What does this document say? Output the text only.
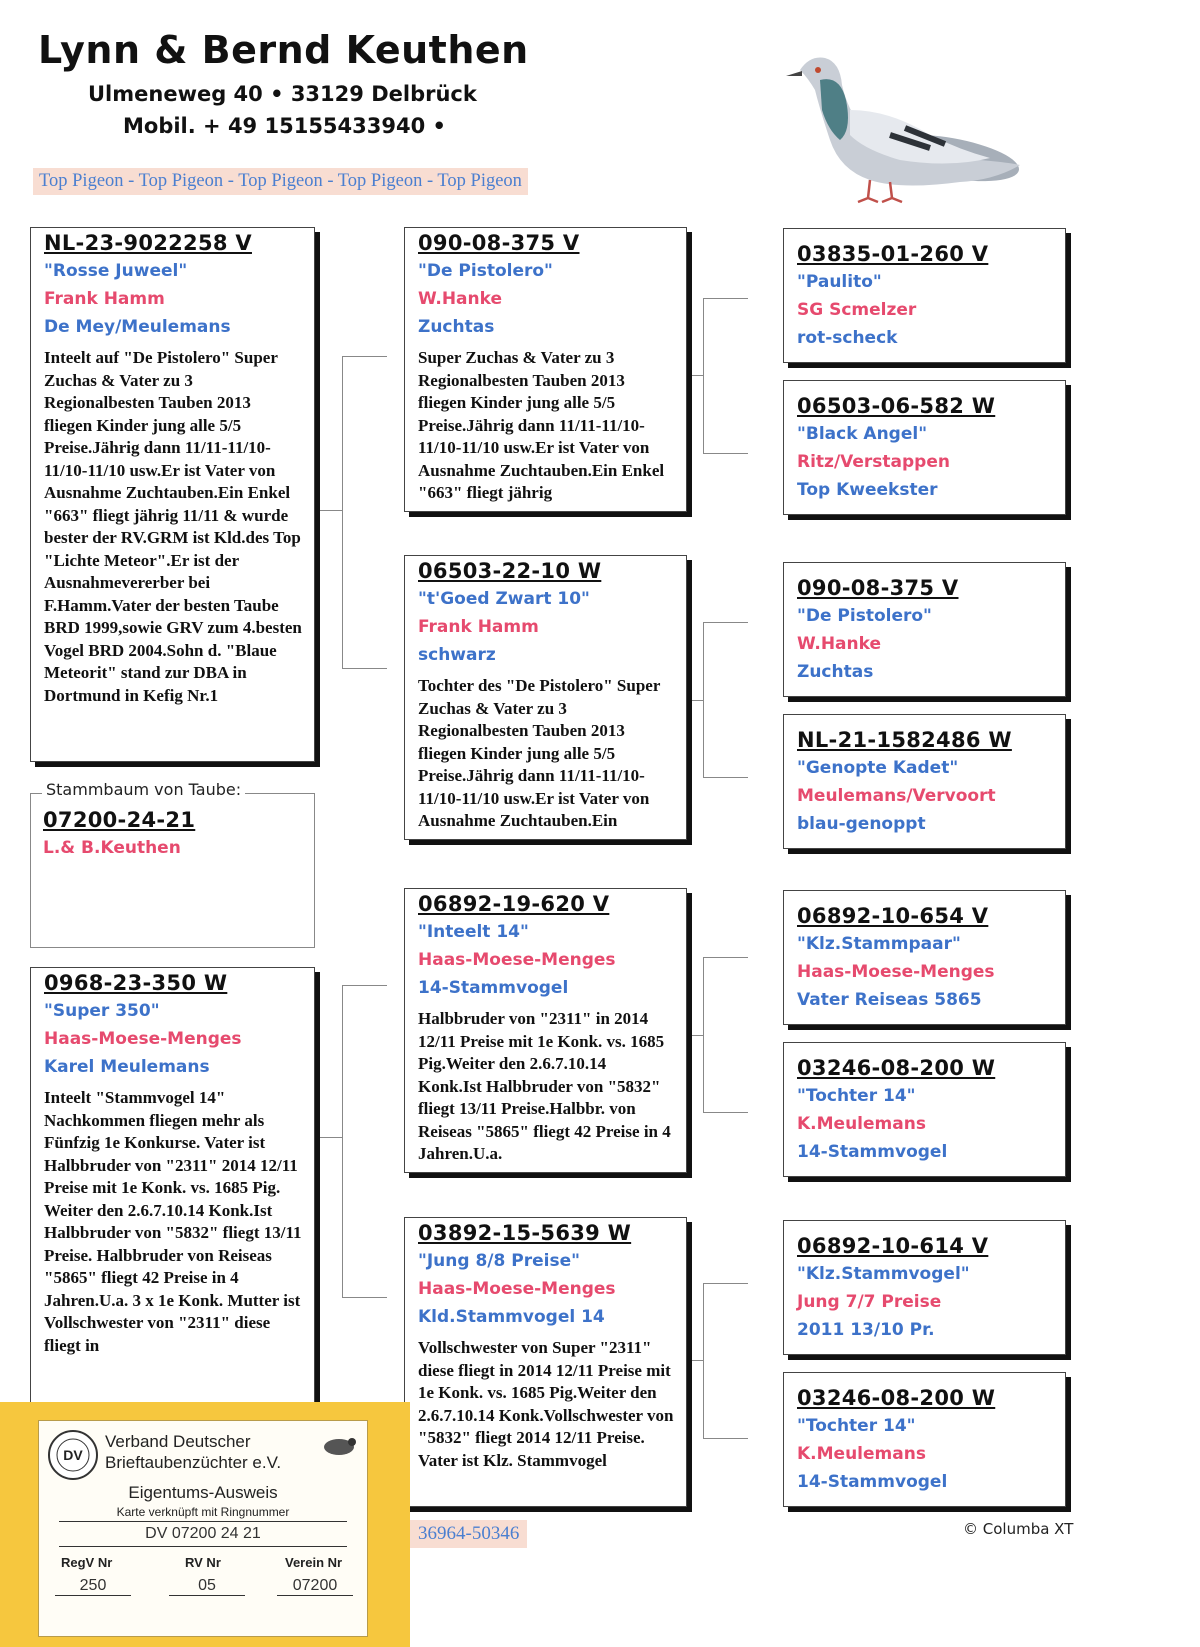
Lynn & Bernd Keuthen
Ulmeneweg 40 • 33129 Delbrück
Mobil. + 49 15155433940 •
Top Pigeon - Top Pigeon - Top Pigeon - Top Pigeon - Top Pigeon
Stammbaum von Taube:
07200-24-21
L.& B.Keuthen
NL-23-9022258 V
"Rosse Juweel"
Frank Hamm
De Mey/Meulemans
Inteelt auf "De Pistolero" Super Zuchas & Vater zu 3 Regionalbesten Tauben 2013 fliegen Kinder jung alle 5/5 Preise.Jährig dann 11/11-11/10-11/10-11/10 usw.Er ist Vater von Ausnahme Zuchtauben.Ein Enkel "663" fliegt jährig 11/11 & wurde bester der RV.GRM ist Kld.des Top "Lichte Meteor".Er ist der Ausnahmevererber bei F.Hamm.Vater der besten Taube BRD 1999,sowie GRV zum 4.besten Vogel BRD 2004.Sohn d. "Blaue Meteorit" stand zur DBA in Dortmund in Kefig Nr.1
0968-23-350 W
"Super 350"
Haas-Moese-Menges
Karel Meulemans
Inteelt "Stammvogel 14" Nachkommen fliegen mehr als Fünfzig 1e Konkurse. Vater ist Halbbruder von "2311" 2014 12/11 Preise mit 1e Konk. vs. 1685 Pig. Weiter den 2.6.7.10.14 Konk.Ist Halbbruder von "5832" fliegt 13/11 Preise. Halbbruder von Reiseas "5865" fliegt 42 Preise in 4 Jahren.U.a. 3 x 1e Konk. Mutter ist Vollschwester von "2311" diese fliegt in
090-08-375 V
"De Pistolero"
W.Hanke
Zuchtas
Super Zuchas & Vater zu 3 Regionalbesten Tauben 2013 fliegen Kinder jung alle 5/5 Preise.Jährig dann 11/11-11/10-11/10-11/10 usw.Er ist Vater von Ausnahme Zuchtauben.Ein Enkel "663" fliegt jährig
06503-22-10 W
"t'Goed Zwart 10"
Frank Hamm
schwarz
Tochter des "De Pistolero" Super Zuchas & Vater zu 3 Regionalbesten Tauben 2013 fliegen Kinder jung alle 5/5 Preise.Jährig dann 11/11-11/10-11/10-11/10 usw.Er ist Vater von Ausnahme Zuchtauben.Ein
06892-19-620 V
"Inteelt 14"
Haas-Moese-Menges
14-Stammvogel
Halbbruder von "2311" in 2014 12/11 Preise mit 1e Konk. vs. 1685 Pig.Weiter den 2.6.7.10.14 Konk.Ist Halbbruder von "5832" fliegt 13/11 Preise.Halbbr. von Reiseas "5865" fliegt 42 Preise in 4 Jahren.U.a.
03892-15-5639 W
"Jung 8/8 Preise"
Haas-Moese-Menges
Kld.Stammvogel 14
Vollschwester von Super "2311" diese fliegt in 2014 12/11 Preise mit 1e Konk. vs. 1685 Pig.Weiter den 2.6.7.10.14 Konk.Vollschwester von "5832" fliegt 2014 12/11 Preise. Vater ist Klz. Stammvogel
03835-01-260 V
"Paulito"
SG Scmelzer
rot-scheck
06503-06-582 W
"Black Angel"
Ritz/Verstappen
Top Kweekster
090-08-375 V
"De Pistolero"
W.Hanke
Zuchtas
NL-21-1582486 W
"Genopte Kadet"
Meulemans/Vervoort
blau-genoppt
06892-10-654 V
"Klz.Stammpaar"
Haas-Moese-Menges
Vater Reiseas 5865
03246-08-200 W
"Tochter 14"
K.Meulemans
14-Stammvogel
06892-10-614 V
"Klz.Stammvogel"
Jung 7/7 Preise
2011 13/10 Pr.
03246-08-200 W
"Tochter 14"
K.Meulemans
14-Stammvogel
36964-50346	© Columba XT
DV
Verband Deutscher
Brieftaubenzüchter e.V.
Eigentums-Ausweis
Karte verknüpft mit Ringnummer
DV 07200 24 21
RegV Nr	RV Nr	Verein Nr
250	05	07200
